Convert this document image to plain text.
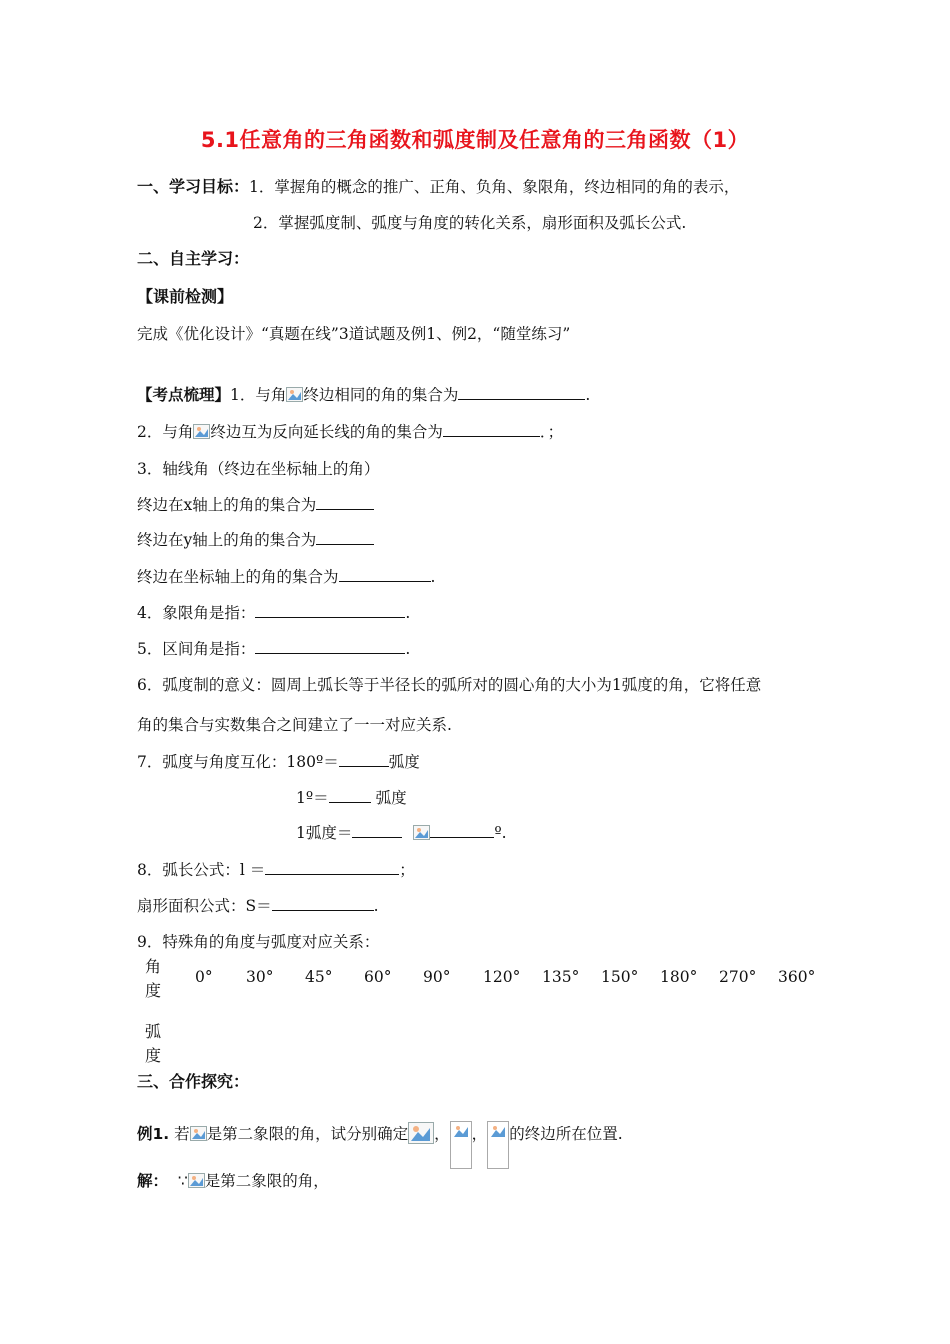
5.1任意角的三角函数和弧度制及任意角的三角函数（1）
一、学习目标：1．掌握角的概念的推广、正角、负角、象限角，终边相同的角的表示，
2．掌握弧度制、弧度与角度的转化关系，扇形面积及弧长公式.
二、自主学习：
【课前检测】
完成《优化设计》“真题在线”3道试题及例1、例2，“随堂练习”
【考点梳理】1．与角 终边相同的角的集合为	.
2．与角 终边互为反向延长线的角的集合为	．；
3．轴线角（终边在坐标轴上的角）
终边在x轴上的角的集合为
终边在y轴上的角的集合为
终边在坐标轴上的角的集合为	.
4．象限角是指：	.
5．区间角是指：	.
6．弧度制的意义：圆周上弧长等于半径长的弧所对的圆心角的大小为1弧度的角，它将任意
角的集合与实数集合之间建立了一一对应关系.
7．弧度与角度互化：180º＝	弧度
1º＝	弧度
1弧度＝	º.
8．弧长公式：l ＝	；
扇形面积公式：S＝	.
9．特殊角的角度与弧度对应关系：
角
度
0° 30° 45° 60° 90° 120° 135° 150° 180° 270° 360°
弧
度
三、合作探究：
例1. 若 是第二象限的角，试分别确定 ， ， 的终边所在位置.
解： ∵ 是第二象限的角，
